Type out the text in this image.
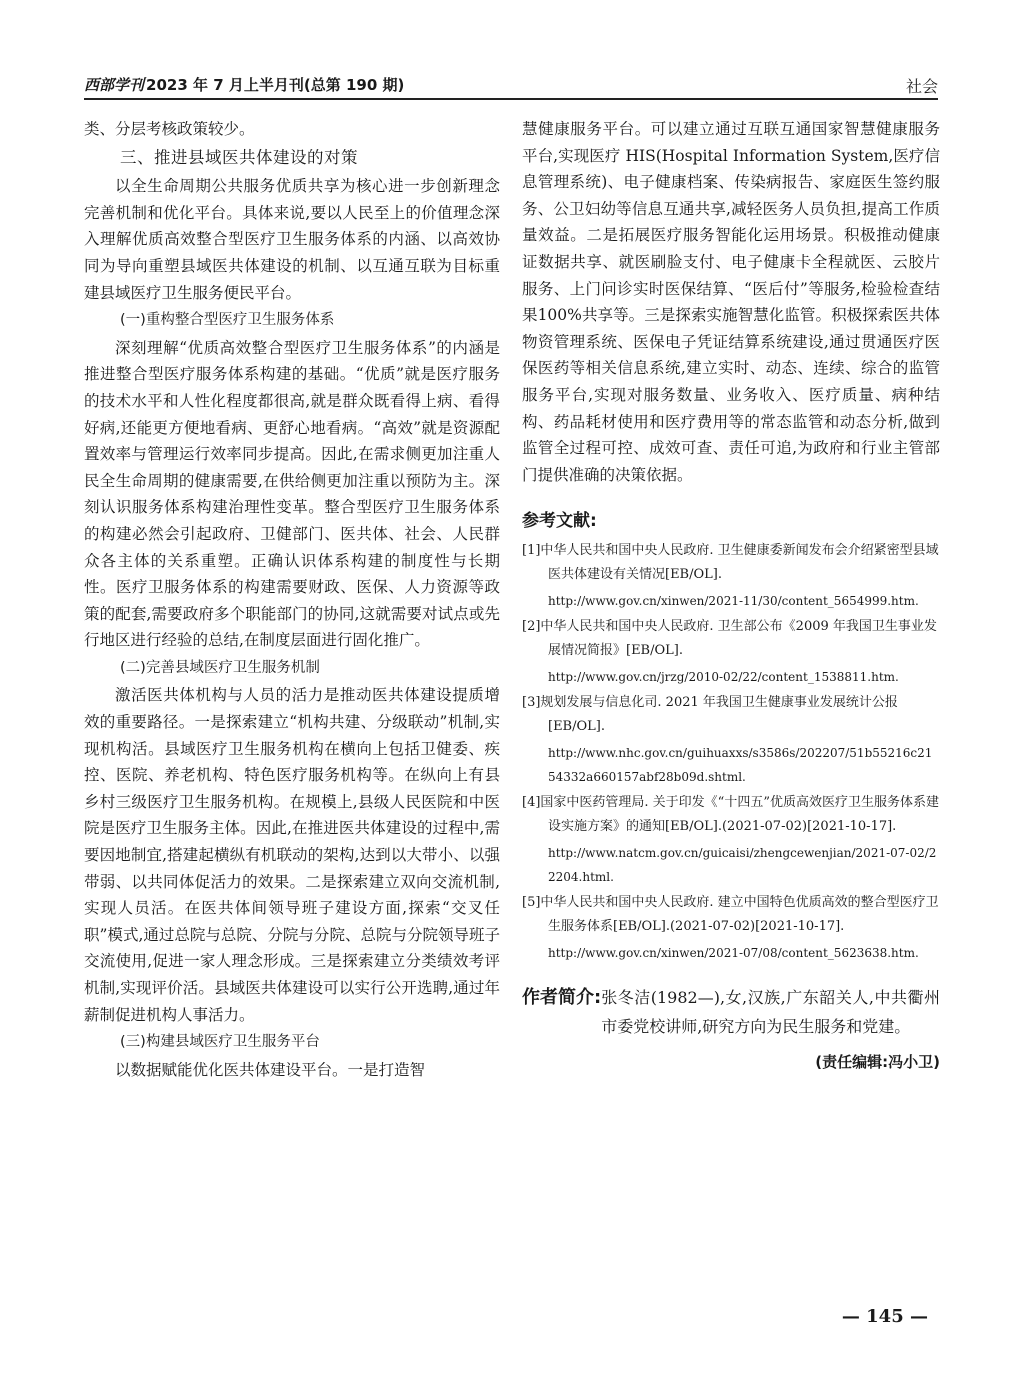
西部学刊 2023 年 7 月上半月刊(总第 190 期)	社会

类、分层考核政策较少。

三、推进县域医共体建设的对策

以全生命周期公共服务优质共享为核心进一步创新理念完善机制和优化平台。具体来说,要以人民至上的价值理念深入理解优质高效整合型医疗卫生服务体系的内涵、以高效协同为导向重塑县域医共体建设的机制、以互通互联为目标重建县域医疗卫生服务便民平台。

(一)重构整合型医疗卫生服务体系

深刻理解“优质高效整合型医疗卫生服务体系”的内涵是推进整合型医疗服务体系构建的基础。“优质”就是医疗服务的技术水平和人性化程度都很高,就是群众既看得上病、看得好病,还能更方便地看病、更舒心地看病。“高效”就是资源配置效率与管理运行效率同步提高。因此,在需求侧更加注重人民全生命周期的健康需要,在供给侧更加注重以预防为主。深刻认识服务体系构建治理性变革。整合型医疗卫生服务体系的构建必然会引起政府、卫健部门、医共体、社会、人民群众各主体的关系重塑。正确认识体系构建的制度性与长期性。医疗卫服务体系的构建需要财政、医保、人力资源等政策的配套,需要政府多个职能部门的协同,这就需要对试点或先行地区进行经验的总结,在制度层面进行固化推广。

(二)完善县域医疗卫生服务机制

激活医共体机构与人员的活力是推动医共体建设提质增效的重要路径。一是探索建立“机构共建、分级联动”机制,实现机构活。县域医疗卫生服务机构在横向上包括卫健委、疾控、医院、养老机构、特色医疗服务机构等。在纵向上有县乡村三级医疗卫生服务机构。在规模上,县级人民医院和中医院是医疗卫生服务主体。因此,在推进医共体建设的过程中,需要因地制宜,搭建起横纵有机联动的架构,达到以大带小、以强带弱、以共同体促活力的效果。二是探索建立双向交流机制,实现人员活。在医共体间领导班子建设方面,探索“交叉任职”模式,通过总院与总院、分院与分院、总院与分院领导班子交流使用,促进一家人理念形成。三是探索建立分类绩效考评机制,实现评价活。县域医共体建设可以实行公开选聘,通过年薪制促进机构人事活力。

(三)构建县域医疗卫生服务平台

以数据赋能优化医共体建设平台。一是打造智

慧健康服务平台。可以建立通过互联互通国家智慧健康服务平台,实现医疗 HIS(Hospital Information System,医疗信息管理系统)、电子健康档案、传染病报告、家庭医生签约服务、公卫妇幼等信息互通共享,减轻医务人员负担,提高工作质量效益。二是拓展医疗服务智能化运用场景。积极推动健康证数据共享、就医刷脸支付、电子健康卡全程就医、云胶片服务、上门问诊实时医保结算、“医后付”等服务,检验检查结果100%共享等。三是探索实施智慧化监管。积极探索医共体物资管理系统、医保电子凭证结算系统建设,通过贯通医疗医保医药等相关信息系统,建立实时、动态、连续、综合的监管服务平台,实现对服务数量、业务收入、医疗质量、病种结构、药品耗材使用和医疗费用等的常态监管和动态分析,做到监管全过程可控、成效可查、责任可追,为政府和行业主管部门提供准确的决策依据。

参考文献:
[1]中华人民共和国中央人民政府. 卫生健康委新闻发布会介绍紧密型县域医共体建设有关情况[EB/OL].
http://www.gov.cn/xinwen/2021-11/30/content_5654999.htm.
[2]中华人民共和国中央人民政府. 卫生部公布《2009 年我国卫生事业发展情况简报》[EB/OL].
http://www.gov.cn/jrzg/2010-02/22/content_1538811.htm.
[3]规划发展与信息化司. 2021 年我国卫生健康事业发展统计公报[EB/OL].
http://www.nhc.gov.cn/guihuaxxs/s3586s/202207/51b55216c2154332a660157abf28b09d.shtml.
[4]国家中医药管理局. 关于印发《“十四五”优质高效医疗卫生服务体系建设实施方案》的通知[EB/OL].(2021-07-02)[2021-10-17].
http://www.natcm.gov.cn/guicaisi/zhengcewenjian/2021-07-02/22204.html.
[5]中华人民共和国中央人民政府. 建立中国特色优质高效的整合型医疗卫生服务体系[EB/OL].(2021-07-02)[2021-10-17].
http://www.gov.cn/xinwen/2021-07/08/content_5623638.htm.
作者简介: 张冬洁(1982—),女,汉族,广东韶关人,中共衢州市委党校讲师,研究方向为民生服务和党建。
(责任编辑:冯小卫)
— 145 —
